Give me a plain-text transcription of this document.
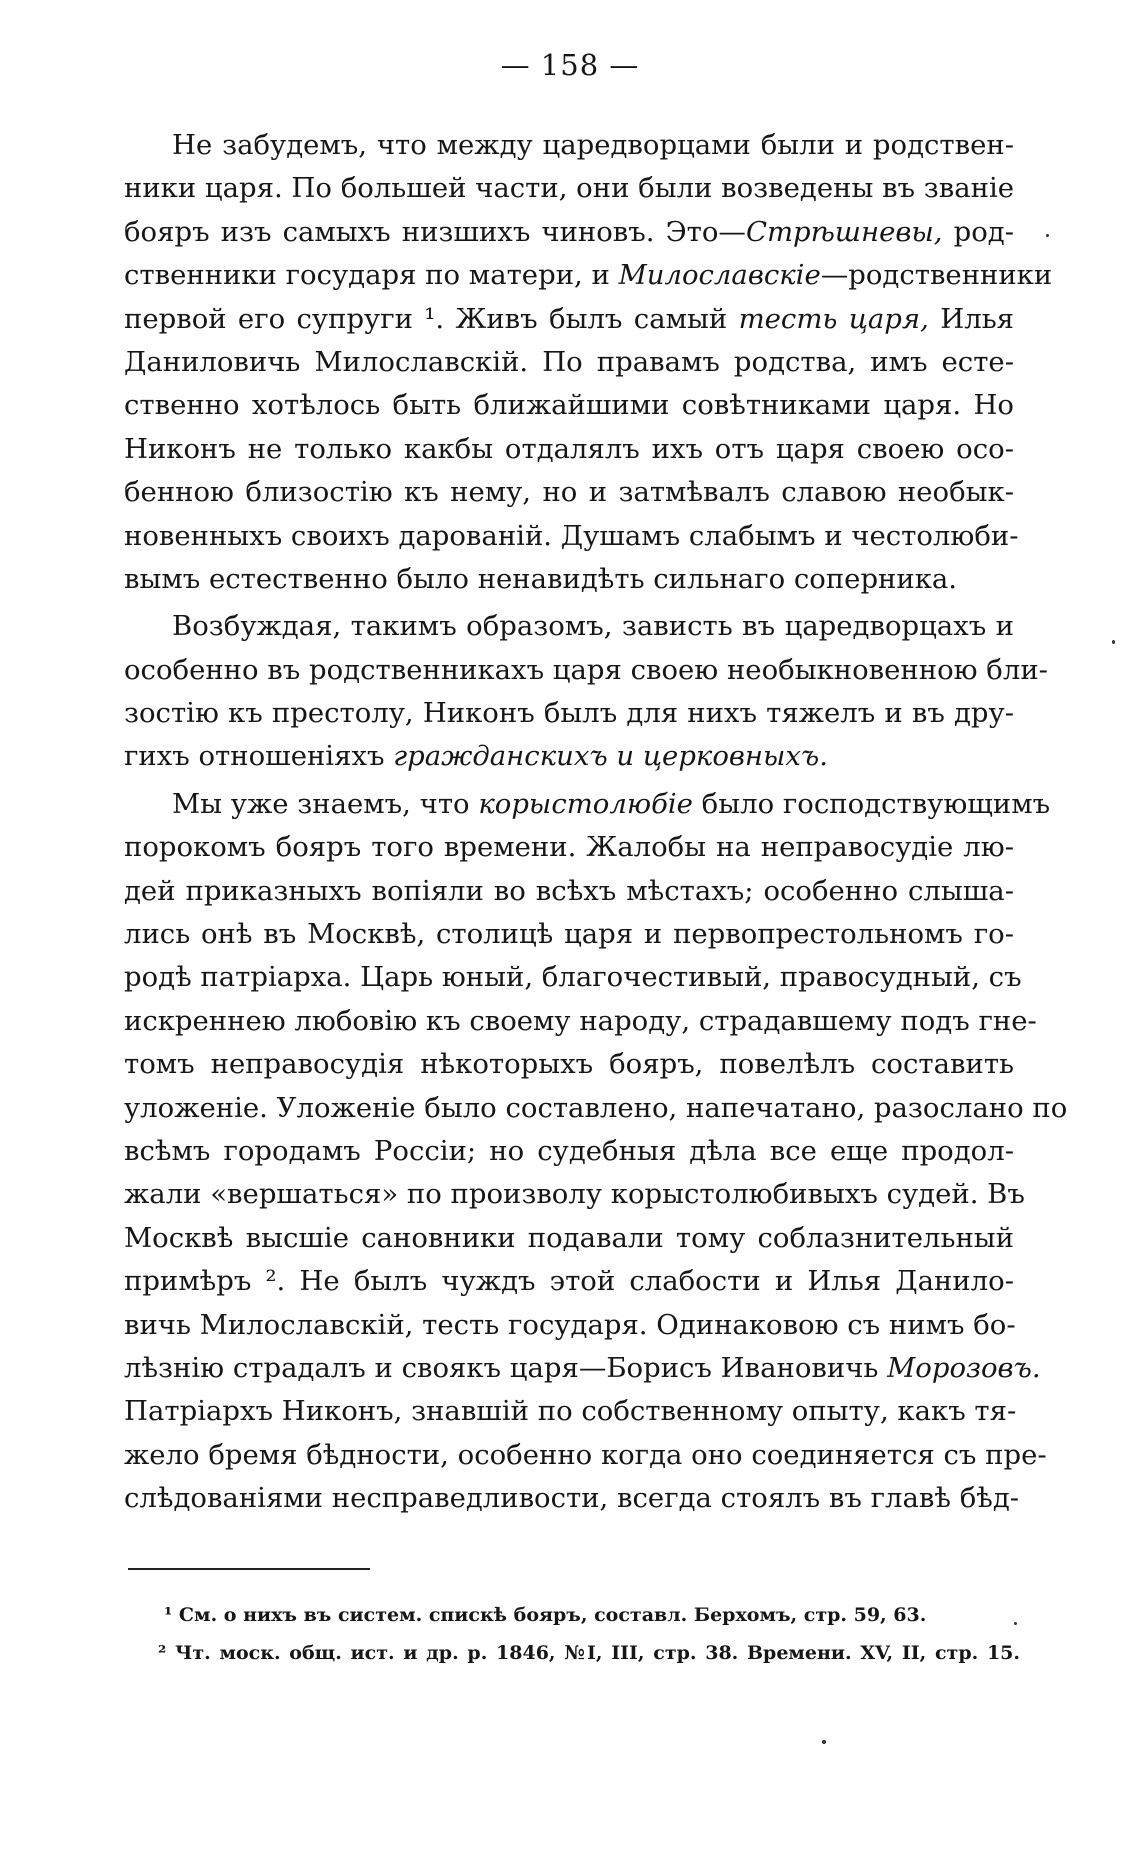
— 158 —
Не забудемъ, что между царедворцами были и родствен-
ники царя. По большей части, они были возведены въ званіе
бояръ изъ самыхъ низшихъ чиновъ. Это—Стрѣшневы, род-
ственники государя по матери, и Милославскіе—родственники
первой его супруги ¹. Живъ былъ самый тесть царя, Илья
Даниловичь Милославскій. По правамъ родства, имъ есте-
ственно хотѣлось быть ближайшими совѣтниками царя. Но
Никонъ не только какбы отдалялъ ихъ отъ царя своею осо-
бенною близостію къ нему, но и затмѣвалъ славою необык-
новенныхъ своихъ дарованій. Душамъ слабымъ и честолюби-
вымъ естественно было ненавидѣть сильнаго соперника.
Возбуждая, такимъ образомъ, зависть въ царедворцахъ и
особенно въ родственникахъ царя своею необыкновенною бли-
зостію къ престолу, Никонъ былъ для нихъ тяжелъ и въ дру-
гихъ отношеніяхъ гражданскихъ и церковныхъ.
Мы уже знаемъ, что корыстолюбіе было господствующимъ
порокомъ бояръ того времени. Жалобы на неправосудіе лю-
дей приказныхъ вопіяли во всѣхъ мѣстахъ; особенно слыша-
лись онѣ въ Москвѣ, столицѣ царя и первопрестольномъ го-
родѣ патріарха. Царь юный, благочестивый, правосудный, съ
искреннею любовію къ своему народу, страдавшему подъ гне-
томъ неправосудія нѣкоторыхъ бояръ, повелѣлъ составить
уложеніе. Уложеніе было составлено, напечатано, разослано по
всѣмъ городамъ Россіи; но судебныя дѣла все еще продол-
жали «вершаться» по произволу корыстолюбивыхъ судей. Въ
Москвѣ высшіе сановники подавали тому соблазнительный
примѣръ ². Не былъ чуждъ этой слабости и Илья Данило-
вичь Милославскій, тесть государя. Одинаковою съ нимъ бо-
лѣзнію страдалъ и своякъ царя—Борисъ Ивановичь Морозовъ.
Патріархъ Никонъ, знавшій по собственному опыту, какъ тя-
жело бремя бѣдности, особенно когда оно соединяется съ пре-
слѣдованіями несправедливости, всегда стоялъ въ главѣ бѣд-
¹ См. о нихъ въ систем. спискѣ бояръ, составл. Берхомъ, стр. 59, 63.
² Чт. моск. общ. ист. и др. р. 1846, №I, III, стр. 38. Времени. XV, II, стр. 15.
